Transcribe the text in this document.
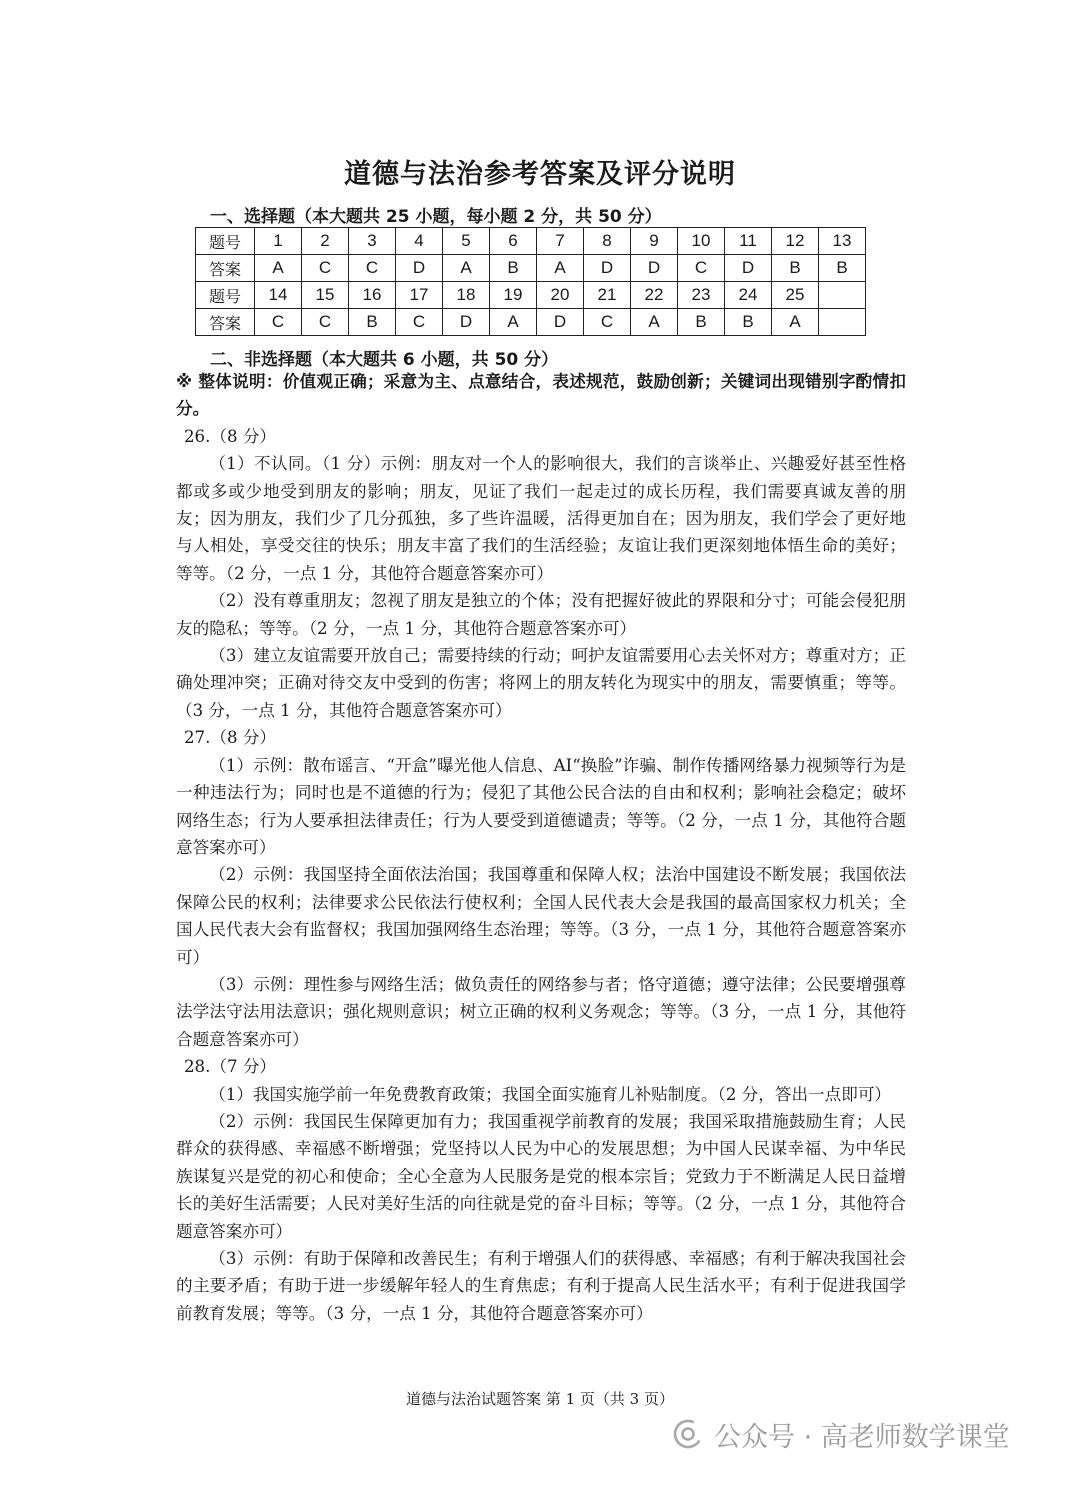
道德与法治参考答案及评分说明
一、选择题（本大题共 25 小题，每小题 2 分，共 50 分）
题号	1	2	3	4	5	6	7	8	9	10	11	12	13
答案	A	C	C	D	A	B	A	D	D	C	D	B	B
题号	14	15	16	17	18	19	20	21	22	23	24	25	
答案	C	C	B	C	D	A	D	C	A	B	B	A	
二、非选择题（本大题共 6 小题，共 50 分）

※ 整体说明：价值观正确；采意为主、点意结合，表述规范，鼓励创新；关键词出现错别字酌情扣分。

26.（8 分）

（1）不认同。（1 分）示例：朋友对一个人的影响很大，我们的言谈举止、兴趣爱好甚至性格都或多或少地受到朋友的影响；朋友，见证了我们一起走过的成长历程，我们需要真诚友善的朋友；因为朋友，我们少了几分孤独，多了些许温暖，活得更加自在；因为朋友，我们学会了更好地与人相处，享受交往的快乐；朋友丰富了我们的生活经验；友谊让我们更深刻地体悟生命的美好；等等。（2 分，一点 1 分，其他符合题意答案亦可）

（2）没有尊重朋友；忽视了朋友是独立的个体；没有把握好彼此的界限和分寸；可能会侵犯朋友的隐私；等等。（2 分，一点 1 分，其他符合题意答案亦可）

（3）建立友谊需要开放自己；需要持续的行动；呵护友谊需要用心去关怀对方；尊重对方；正确处理冲突；正确对待交友中受到的伤害；将网上的朋友转化为现实中的朋友，需要慎重；等等。（3 分，一点 1 分，其他符合题意答案亦可）

27.（8 分）

（1）示例：散布谣言、“开盒”曝光他人信息、AI“换脸”诈骗、制作传播网络暴力视频等行为是一种违法行为；同时也是不道德的行为；侵犯了其他公民合法的自由和权利；影响社会稳定；破坏网络生态；行为人要承担法律责任；行为人要受到道德谴责；等等。（2 分，一点 1 分，其他符合题意答案亦可）

（2）示例：我国坚持全面依法治国；我国尊重和保障人权；法治中国建设不断发展；我国依法保障公民的权利；法律要求公民依法行使权利；全国人民代表大会是我国的最高国家权力机关；全国人民代表大会有监督权；我国加强网络生态治理；等等。（3 分，一点 1 分，其他符合题意答案亦可）

（3）示例：理性参与网络生活；做负责任的网络参与者；恪守道德；遵守法律；公民要增强尊法学法守法用法意识；强化规则意识；树立正确的权利义务观念；等等。（3 分，一点 1 分，其他符合题意答案亦可）

28.（7 分）

（1）我国实施学前一年免费教育政策；我国全面实施育儿补贴制度。（2 分，答出一点即可）

（2）示例：我国民生保障更加有力；我国重视学前教育的发展；我国采取措施鼓励生育；人民群众的获得感、幸福感不断增强；党坚持以人民为中心的发展思想；为中国人民谋幸福、为中华民族谋复兴是党的初心和使命；全心全意为人民服务是党的根本宗旨；党致力于不断满足人民日益增长的美好生活需要；人民对美好生活的向往就是党的奋斗目标；等等。（2 分，一点 1 分，其他符合题意答案亦可）

（3）示例：有助于保障和改善民生；有利于增强人们的获得感、幸福感；有利于解决我国社会的主要矛盾；有助于进一步缓解年轻人的生育焦虑；有利于提高人民生活水平；有利于促进我国学前教育发展；等等。（3 分，一点 1 分，其他符合题意答案亦可）

道德与法治试题答案 第 1 页（共 3 页）
公众号 · 高老师数学课堂
